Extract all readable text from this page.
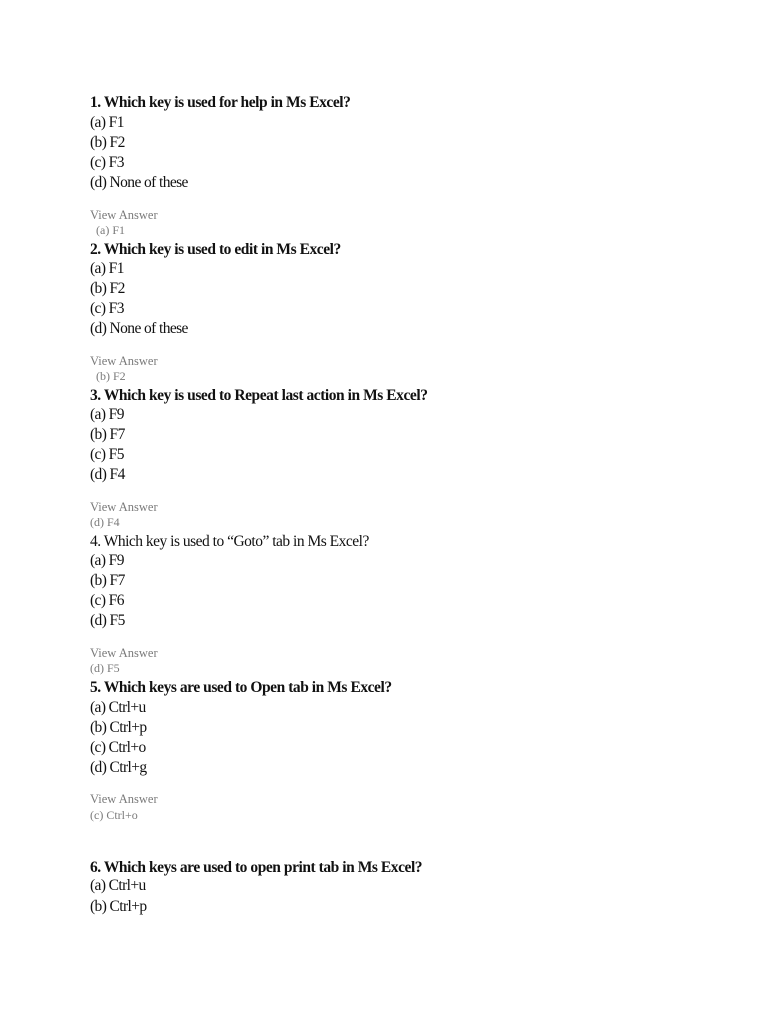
1. Which key is used for help in Ms Excel?
(a) F1
(b) F2
(c) F3
(d) None of these
View Answer
(a) F1
2. Which key is used to edit in Ms Excel?
(a) F1
(b) F2
(c) F3
(d) None of these
View Answer
(b) F2
3. Which key is used to Repeat last action in Ms Excel?
(a) F9
(b) F7
(c) F5
(d) F4
View Answer
(d) F4
4. Which key is used to “Goto” tab in Ms Excel?
(a) F9
(b) F7
(c) F6
(d) F5
View Answer
(d) F5
5. Which keys are used to Open tab in Ms Excel?
(a) Ctrl+u
(b) Ctrl+p
(c) Ctrl+o
(d) Ctrl+g
View Answer
(c) Ctrl+o
6. Which keys are used to open print tab in Ms Excel?
(a) Ctrl+u
(b) Ctrl+p
